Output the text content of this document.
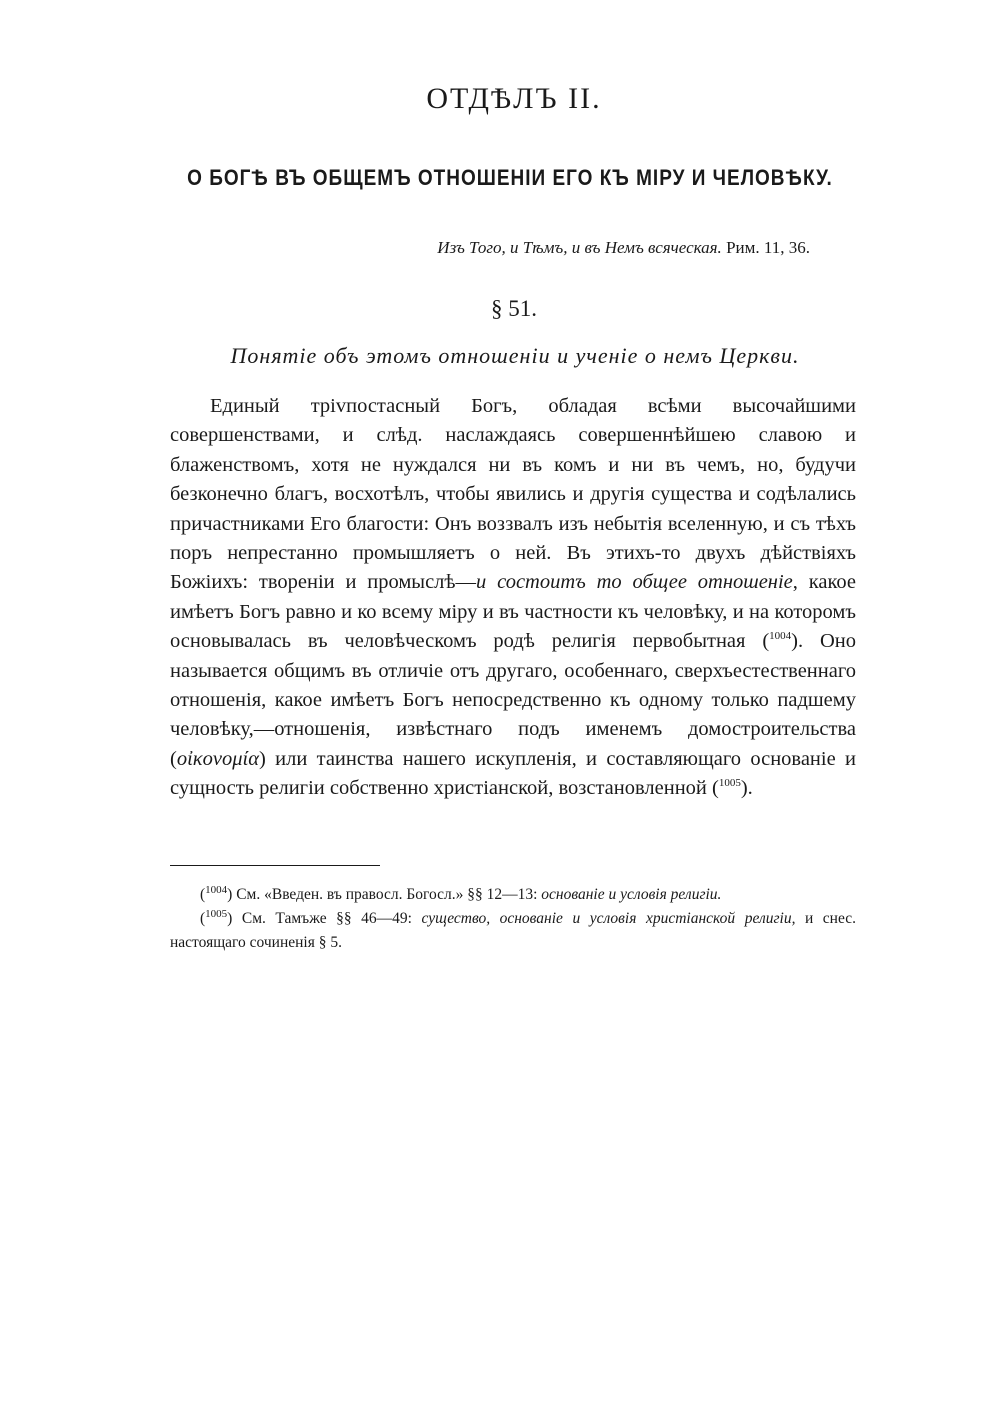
ОТДѢЛЪ II.
О БОГѢ ВЪ ОБЩЕМЪ ОТНОШЕНІИ ЕГО КЪ МІРУ И ЧЕЛОВѢКУ.
Изъ Того, и Тѣмъ, и въ Немъ всяческая. Рим. 11, 36.
§ 51.
Понятіе объ этомъ отношеніи и ученіе о немъ Церкви.

Единый тріvпостасный Богъ, обладая всѣми высочайшими совершенствами, и слѣд. наслаждаясь совершеннѣйшею славою и блаженствомъ, хотя не нуждался ни въ комъ и ни въ чемъ, но, будучи безконечно благъ, восхотѣлъ, чтобы явились и другія существа и содѣлались причастниками Его благости: Онъ воззвалъ изъ небытія вселенную, и съ тѣхъ поръ непрестанно промышляетъ о ней. Въ этихъ-то двухъ дѣйствіяхъ Божіихъ: твореніи и промыслѣ—и состоитъ то общее отношеніе, какое имѣетъ Богъ равно и ко всему міру и въ частности къ человѣку, и на которомъ основывалась въ человѣческомъ родѣ религія первобытная ($^{1004}$). Оно называется общимъ въ отличіе отъ другаго, особеннаго, сверхъестественнаго отношенія, какое имѣетъ Богъ непосредственно къ одному только падшему человѣку,—отношенія, извѣстнаго подъ именемъ домостроительства (οἰκονομία) или таинства нашего искупленія, и составляющаго основаніе и сущность религіи собственно христіанской, возстановленной ($^{1005}$).

($^{1004}$) См. «Введен. въ правосл. Богосл.» §§ 12—13: основаніе и условія религіи.

($^{1005}$) См. Тамъже §§ 46—49: существо, основаніе и условія христіанской религіи, и снес. настоящаго сочиненія § 5.
